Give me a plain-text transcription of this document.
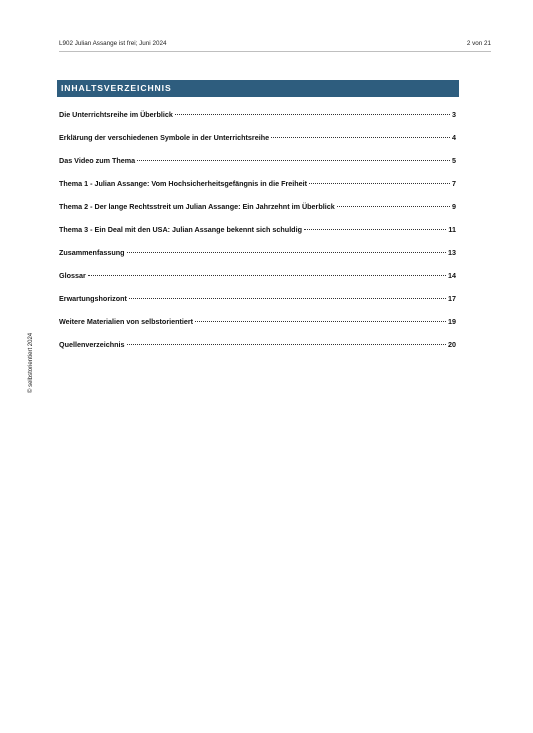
L902 Julian Assange ist frei; Juni 2024	2 von 21
© selbstorientiert 2024
INHALTSVERZEICHNIS
Die Unterrichtsreihe im Überblick	3
Erklärung der verschiedenen Symbole in der Unterrichtsreihe	4
Das Video zum Thema	5
Thema 1 - Julian Assange: Vom Hochsicherheitsgefängnis in die Freiheit	7
Thema 2 - Der lange Rechtsstreit um Julian Assange: Ein Jahrzehnt im Überblick	9
Thema 3 - Ein Deal mit den USA: Julian Assange bekennt sich schuldig	11
Zusammenfassung	13
Glossar	14
Erwartungshorizont	17
Weitere Materialien von selbstorientiert	19
Quellenverzeichnis	20
